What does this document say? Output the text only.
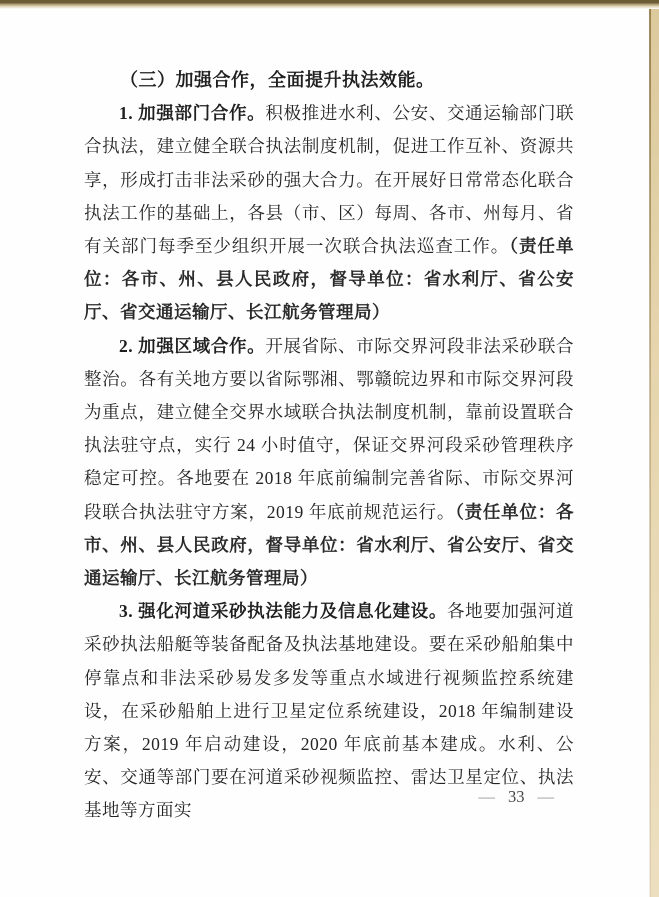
（三）加强合作，全面提升执法效能。

1. 加强部门合作。积极推进水利、公安、交通运输部门联合执法，建立健全联合执法制度机制，促进工作互补、资源共享，形成打击非法采砂的强大合力。在开展好日常常态化联合执法工作的基础上，各县（市、区）每周、各市、州每月、省有关部门每季至少组织开展一次联合执法巡查工作。（责任单位：各市、州、县人民政府，督导单位：省水利厅、省公安厅、省交通运输厅、长江航务管理局）

2. 加强区域合作。开展省际、市际交界河段非法采砂联合整治。各有关地方要以省际鄂湘、鄂赣皖边界和市际交界河段为重点，建立健全交界水域联合执法制度机制，靠前设置联合执法驻守点，实行 24 小时值守，保证交界河段采砂管理秩序稳定可控。各地要在 2018 年底前编制完善省际、市际交界河段联合执法驻守方案，2019 年底前规范运行。（责任单位：各市、州、县人民政府，督导单位：省水利厅、省公安厅、省交通运输厅、长江航务管理局）

3. 强化河道采砂执法能力及信息化建设。各地要加强河道采砂执法船艇等装备配备及执法基地建设。要在采砂船舶集中停靠点和非法采砂易发多发等重点水域进行视频监控系统建设，在采砂船舶上进行卫星定位系统建设，2018 年编制建设方案，2019 年启动建设，2020 年底前基本建成。水利、公安、交通等部门要在河道采砂视频监控、雷达卫星定位、执法基地等方面实

— 33 —
